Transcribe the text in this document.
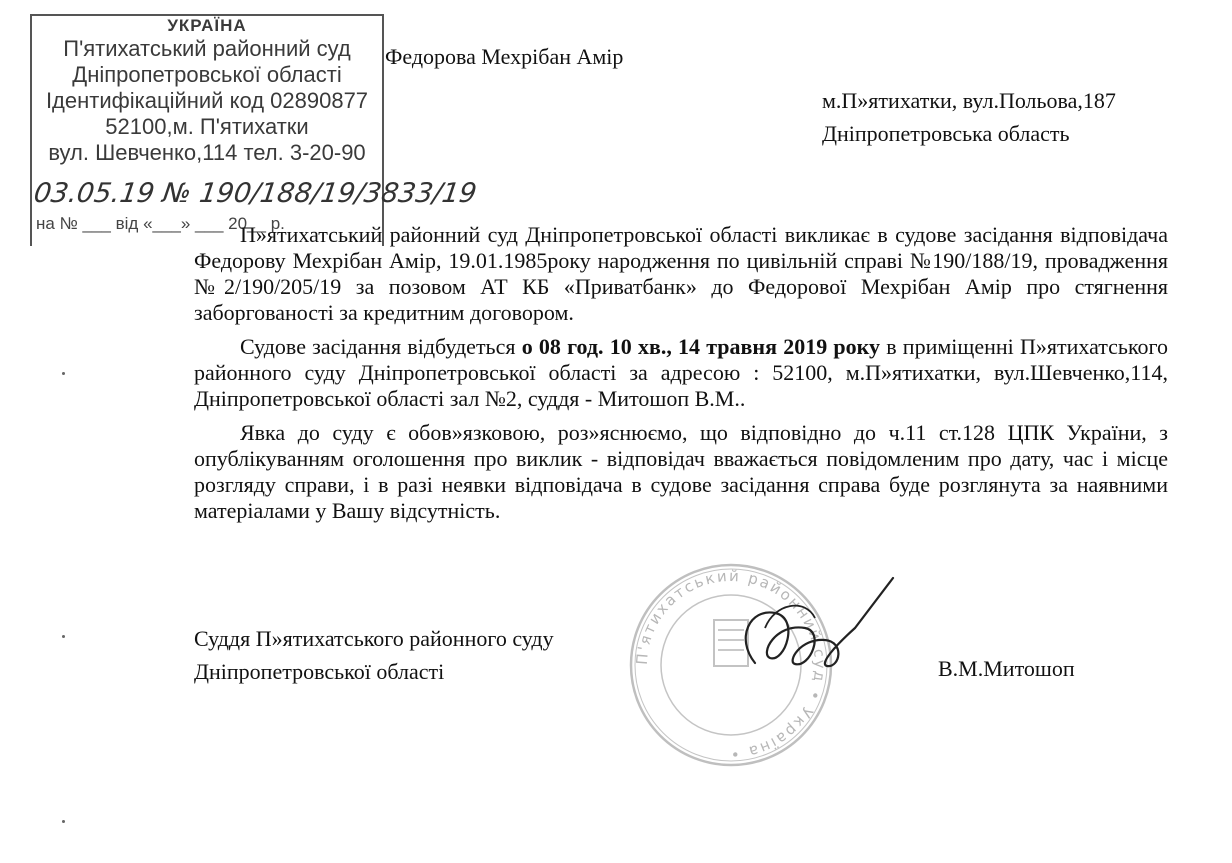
УКРАЇНА
П'ятихатський районний суд
Дніпропетровської області
Ідентифікаційний код 02890877
52100,м. П'ятихатки
вул. Шевченко,114 тел. 3-20-90
03.05.19 № 190/188/19/3833/19
на № ___ від «___» ___ 20__ р.
Федорова Мехрібан Амір
м.П»ятихатки, вул.Польова,187
Дніпропетровська область

П»ятихатський районний суд Дніпропетровської області викликає в судове засідання відповідача Федорову Мехрібан Амір, 19.01.1985року народження по цивільній справі №190/188/19, провадження №2/190/205/19 за позовом АТ КБ «Приватбанк» до Федорової Мехрібан Амір про стягнення заборгованості за кредитним договором.

Судове засідання відбудеться о 08 год. 10 хв., 14 травня 2019 року в приміщенні П»ятихатського районного суду Дніпропетровської області за адресою : 52100, м.П»ятихатки, вул.Шевченко,114, Дніпропетровської області зал №2, суддя - Митошоп В.М..

Явка до суду є обов»язковою, роз»яснюємо, що відповідно до ч.11 ст.128 ЦПК України, з опублікуванням оголошення про виклик - відповідач вважається повідомленим про дату, час і місце розгляду справи, і в разі неявки відповідача в судове засідання справа буде розглянута за наявними матеріалами у Вашу відсутність.

Суддя П»ятихатського районного суду
Дніпропетровської області
П'ятихатський районний суд • Україна •
В.М.Митошоп
